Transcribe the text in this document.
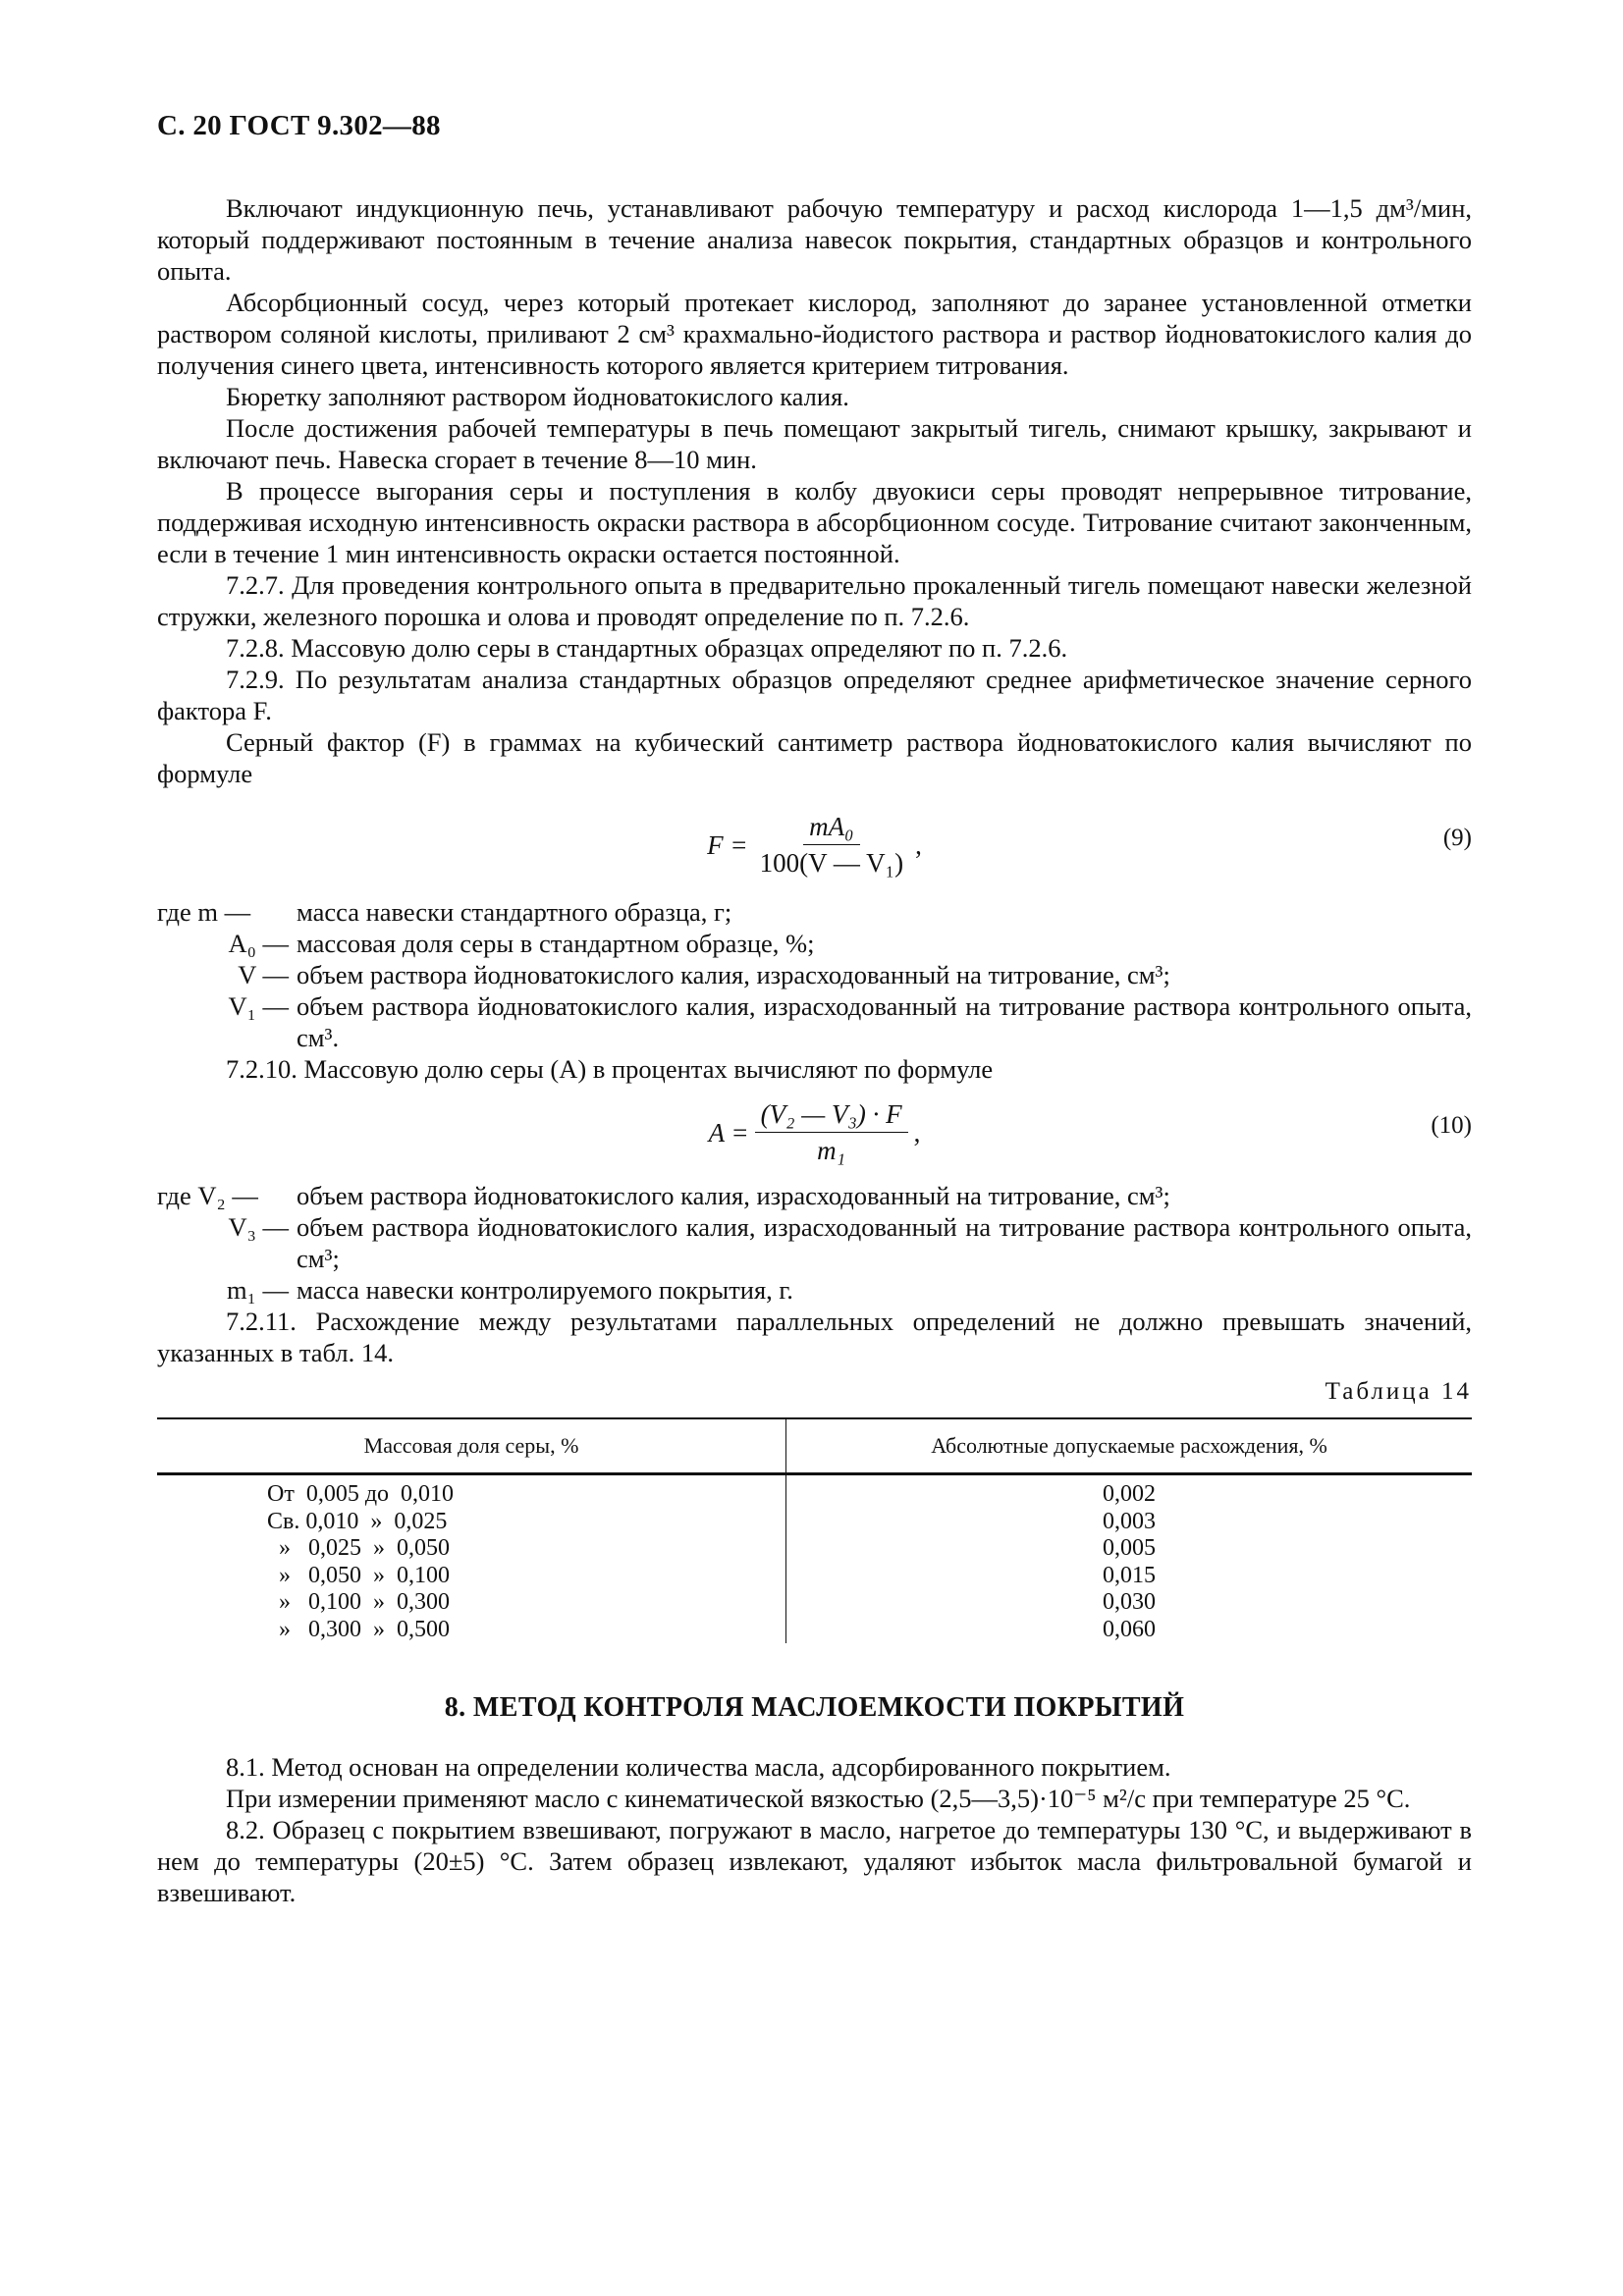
С. 20 ГОСТ 9.302—88

Включают индукционную печь, устанавливают рабочую температуру и расход кислорода 1—1,5 дм³/мин, который поддерживают постоянным в течение анализа навесок покрытия, стандартных образцов и контрольного опыта.

Абсорбционный сосуд, через который протекает кислород, заполняют до заранее установленной отметки раствором соляной кислоты, приливают 2 см³ крахмально-йодистого раствора и раствор йодноватокислого калия до получения синего цвета, интенсивность которого является критерием титрования.

Бюретку заполняют раствором йодноватокислого калия.

После достижения рабочей температуры в печь помещают закрытый тигель, снимают крышку, закрывают и включают печь. Навеска сгорает в течение 8—10 мин.

В процессе выгорания серы и поступления в колбу двуокиси серы проводят непрерывное титрование, поддерживая исходную интенсивность окраски раствора в абсорбционном сосуде. Титрование считают законченным, если в течение 1 мин интенсивность окраски остается постоянной.

7.2.7. Для проведения контрольного опыта в предварительно прокаленный тигель помещают навески железной стружки, железного порошка и олова и проводят определение по п. 7.2.6.

7.2.8. Массовую долю серы в стандартных образцах определяют по п. 7.2.6.

7.2.9. По результатам анализа стандартных образцов определяют среднее арифметическое значение серного фактора F.

Серный фактор (F) в граммах на кубический сантиметр раствора йодноватокислого калия вычисляют по формуле

$F = \frac{\text{mA₀}}{\text{100(V — V₁)}}$ ,	(9)
где m —	масса навески стандартного образца, г;
A₀ — массовая доля серы в стандартном образце, %;
V — объем раствора йодноватокислого калия, израсходованный на титрование, см³;
V₁ — объем раствора йодноватокислого калия, израсходованный на титрование раствора контрольного опыта, см³.

7.2.10. Массовую долю серы (A) в процентах вычисляют по формуле

$A = \frac{\text{(V₂ — V₃) · F}}{\text{m₁}}$ ,	(10)
где V₂ —	объем раствора йодноватокислого калия, израсходованный на титрование, см³;
V₃ — объем раствора йодноватокислого калия, израсходованный на титрование раствора контрольного опыта, см³;
m₁ — масса навески контролируемого покрытия, г.

7.2.11. Расхождение между результатами параллельных определений не должно превышать значений, указанных в табл. 14.

Таблица 14
Массовая доля серы, %	Абсолютные допускаемые расхождения, %
От  0,005 до  0,010	0,002
Св. 0,010  »  0,025	0,003
»   0,025  »  0,050	0,005
»   0,050  »  0,100	0,015
»   0,100  »  0,300	0,030
»   0,300  »  0,500	0,060
8. МЕТОД КОНТРОЛЯ МАСЛОЕМКОСТИ ПОКРЫТИЙ

8.1. Метод основан на определении количества масла, адсорбированного покрытием.

При измерении применяют масло с кинематической вязкостью (2,5—3,5)·10⁻⁵ м²/с при температуре 25 °С.

8.2. Образец с покрытием взвешивают, погружают в масло, нагретое до температуры 130 °С, и выдерживают в нем до температуры (20±5) °С. Затем образец извлекают, удаляют избыток масла фильтровальной бумагой и взвешивают.
